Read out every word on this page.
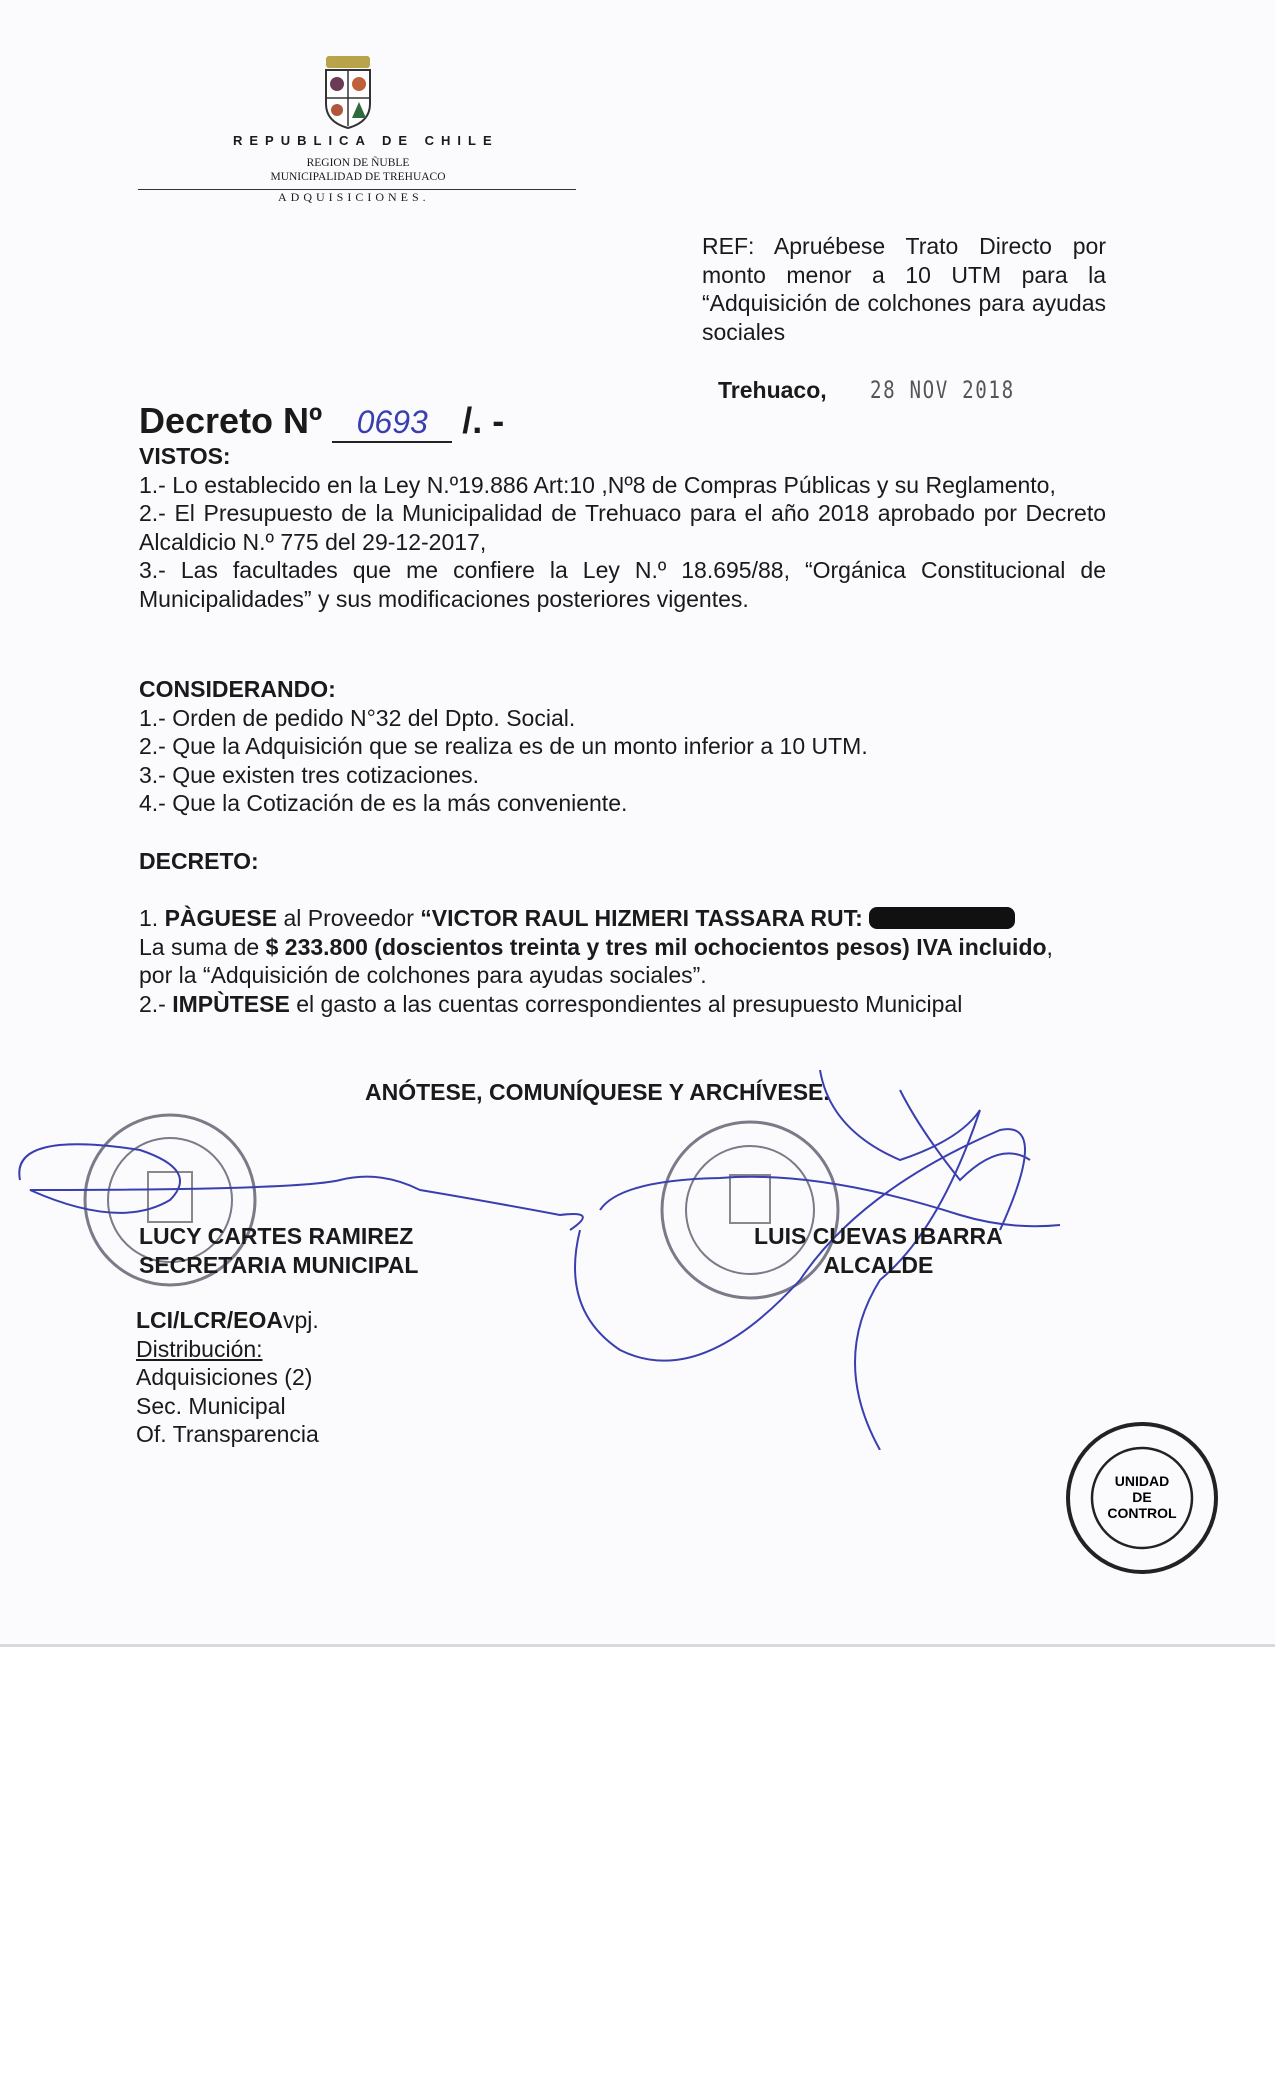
REPUBLICA DE CHILE
REGION DE ÑUBLE
MUNICIPALIDAD DE TREHUACO
ADQUISICIONES.
REF: Apruébese Trato Directo por monto menor a 10 UTM para la “Adquisición de colchones para ayudas sociales
Trehuaco, 28 NOV 2018
Decreto Nº 0693 /. -
VISTOS:
1.- Lo establecido en la Ley N.º19.886 Art:10 ,Nº8 de Compras Públicas y su Reglamento,
2.- El Presupuesto de la Municipalidad de Trehuaco para el año 2018 aprobado por Decreto Alcaldicio N.º 775 del 29-12-2017,
3.- Las facultades que me confiere la Ley N.º 18.695/88, “Orgánica Constitucional de Municipalidades” y sus modificaciones posteriores vigentes.
CONSIDERANDO:
1.- Orden de pedido N°32 del Dpto. Social.
2.- Que la Adquisición que se realiza es de un monto inferior a 10 UTM.
3.- Que existen tres cotizaciones.
4.- Que la Cotización de es la más conveniente.
DECRETO:
1. PÀGUESE al Proveedor “VICTOR RAUL HIZMERI TASSARA RUT:
La suma de $ 233.800 (doscientos treinta y tres mil ochocientos pesos) IVA incluido, por la “Adquisición de colchones para ayudas sociales”.
2.- IMPÙTESE el gasto a las cuentas correspondientes al presupuesto Municipal
ANÓTESE, COMUNÍQUESE Y ARCHÍVESE.
UNIDAD
DE
CONTROL
LUCY CARTES RAMIREZ
SECRETARIA MUNICIPAL
LUIS CUEVAS IBARRA
ALCALDE
LCI/LCR/EOAvpj.
Distribución:
Adquisiciones (2)
Sec. Municipal
Of. Transparencia
